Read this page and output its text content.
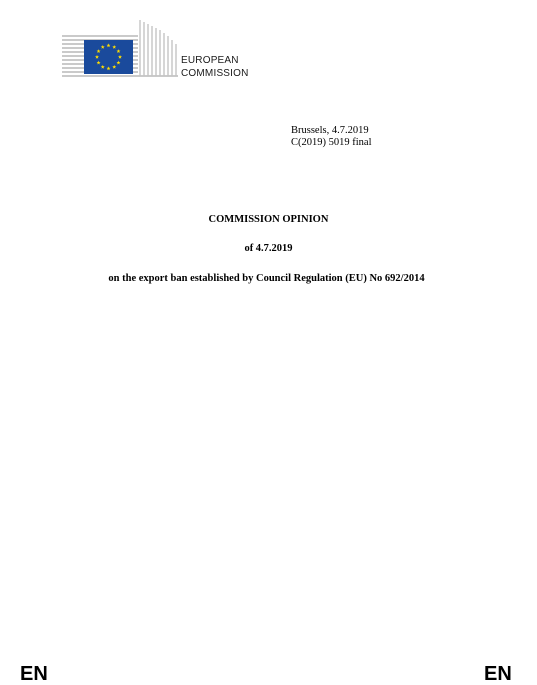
EUROPEAN
COMMISSION
Brussels, 4.7.2019
C(2019) 5019 final
COMMISSION OPINION
of 4.7.2019
on the export ban established by Council Regulation (EU) No 692/2014
EN	EN
